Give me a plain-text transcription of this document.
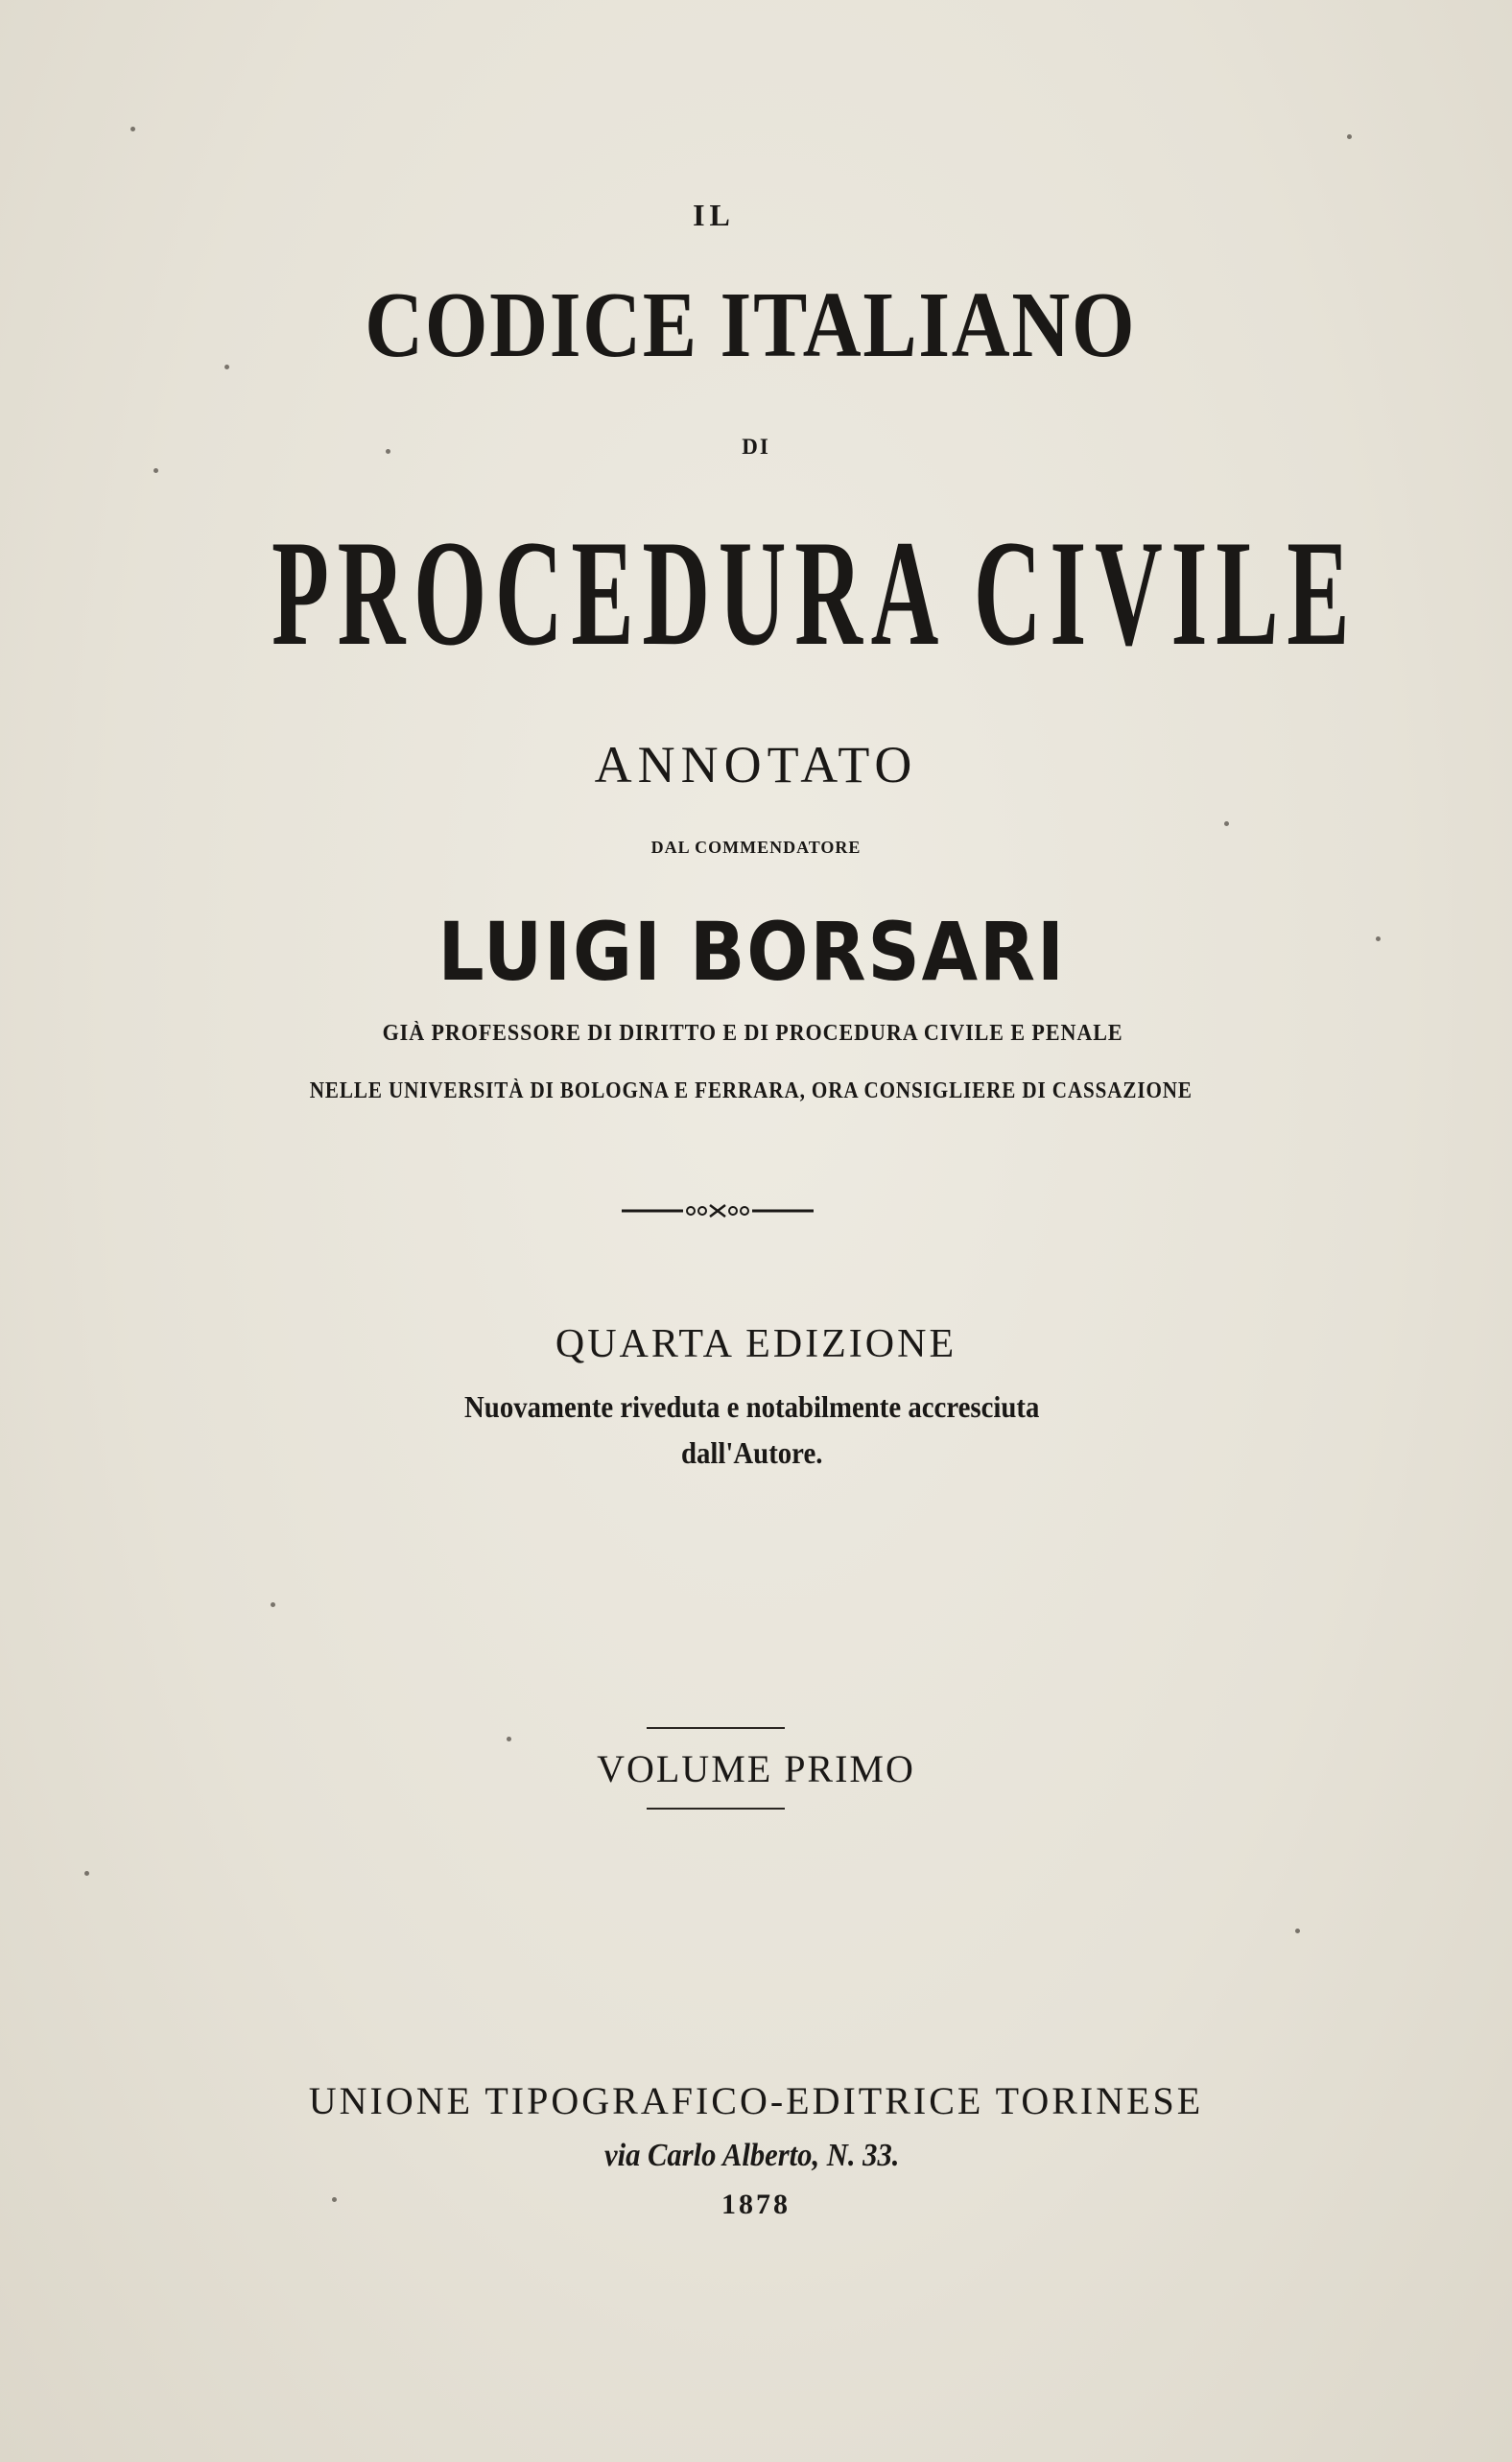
IL
CODICE ITALIANO
DI
PROCEDURA CIVILE
ANNOTATO
DAL COMMENDATORE
LUIGI BORSARI
GIÀ PROFESSORE DI DIRITTO E DI PROCEDURA CIVILE E PENALE
NELLE UNIVERSITÀ DI BOLOGNA E FERRARA, ORA CONSIGLIERE DI CASSAZIONE
QUARTA EDIZIONE
Nuovamente riveduta e notabilmente accresciuta
dall'Autore.
VOLUME PRIMO
UNIONE TIPOGRAFICO-EDITRICE TORINESE
via Carlo Alberto, N. 33.
1878
